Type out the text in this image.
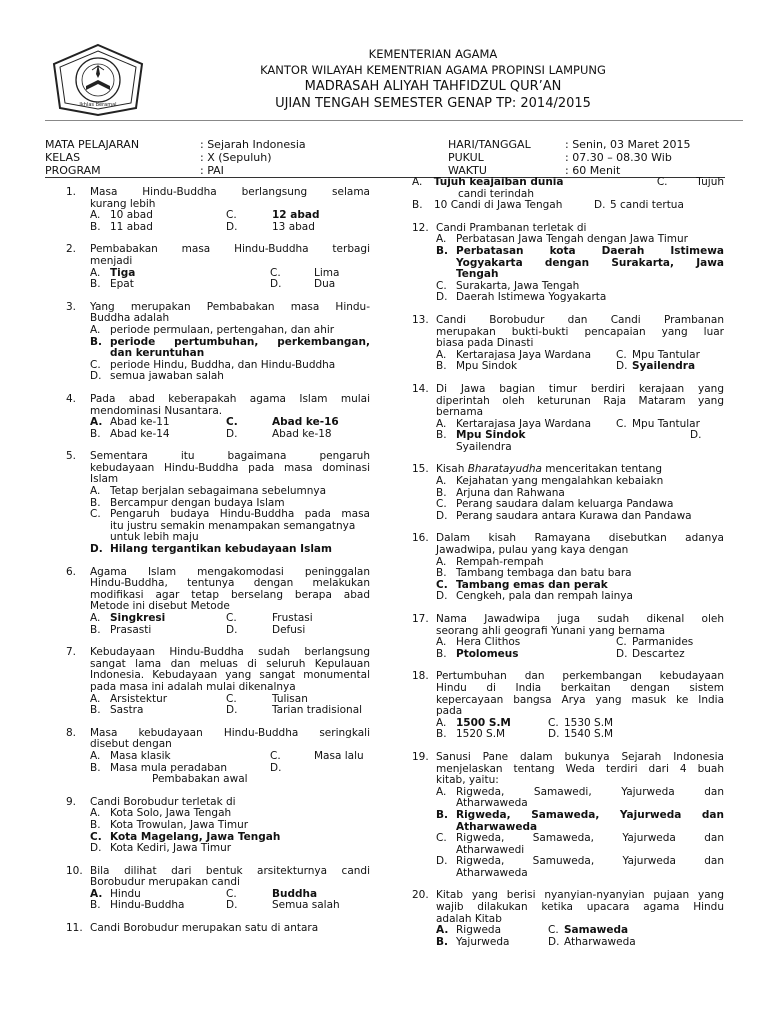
Ikhlas Beramal
KEMENTERIAN AGAMA
KANTOR WILAYAH KEMENTRIAN AGAMA PROPINSI LAMPUNG
MADRASAH ALIYAH TAHFIDZUL QUR’AN
UJIAN TENGAH SEMESTER GENAP TP: 2014/2015
MATA PELAJARAN	: Sejarah Indonesia
KELAS	: X (Sepuluh)
PROGRAM	: PAI
HARI/TANGGAL	: Senin, 03 Maret 2015
PUKUL	: 07.30 – 08.30 Wib
WAKTU	: 60 Menit
1. Masa Hindu-Buddha berlangsung selama
kurang lebih
A. 10 abad	C.	12 abad
B. 11 abad	D.	13 abad
2. Pembabakan masa Hindu-Buddha terbagi
menjadi
A. Tiga	C.	Lima
B. Epat	D.	Dua
3. Yang merupakan Pembabakan masa Hindu-
Buddha adalah
A. periode permulaan, pertengahan, dan ahir
B. periode pertumbuhan, perkembangan,
dan keruntuhan
C. periode Hindu, Buddha, dan Hindu-Buddha
D. semua jawaban salah
4. Pada abad keberapakah agama Islam mulai
mendominasi Nusantara.
A. Abad ke-11	C.	Abad ke-16
B. Abad ke-14	D.	Abad ke-18
5. Sementara itu bagaimana pengaruh
kebudayaan Hindu-Buddha pada masa dominasi
Islam
A. Tetap berjalan sebagaimana sebelumnya
B. Bercampur dengan budaya Islam
C. Pengaruh budaya Hindu-Buddha pada masa
itu justru semakin menampakan semangatnya
untuk lebih maju
D. Hilang tergantikan kebudayaan Islam
6. Agama Islam mengakomodasi peninggalan
Hindu-Buddha, tentunya dengan melakukan
modifikasi agar tetap berselang berapa abad
Metode ini disebut Metode
A. Singkresi	C.	Frustasi
B. Prasasti	D.	Defusi
7. Kebudayaan Hindu-Buddha sudah berlangsung
sangat lama dan meluas di seluruh Kepulauan
Indonesia. Kebudayaan yang sangat monumental
pada masa ini adalah mulai dikenalnya
A. Arsistektur	C.	Tulisan
B. Sastra	D.	Tarian tradisional
8. Masa kebudayaan Hindu-Buddha seringkali
disebut dengan
A. Masa klasik	C.	Masa lalu
B. Masa mula peradaban	D.
Pembabakan awal
9. Candi Borobudur terletak di
A. Kota Solo, Jawa Tengah
B. Kota Trowulan, Jawa Timur
C. Kota Magelang, Jawa Tengah
D. Kota Kediri, Jawa Timur
10. Bila dilihat dari bentuk arsitekturnya candi
Borobudur merupakan candi
A. Hindu	C.	Buddha
B. Hindu-Buddha	D.	Semua salah
11. Candi Borobudur merupakan satu di antara
A.	Tujuh keajaiban dunia	C.	Tujuh
candi terindah
B.	10 Candi di Jawa Tengah	D. 5 candi tertua
12. Candi Prambanan terletak di
A. Perbatasan Jawa Tengah dengan Jawa Timur
B. Perbatasan kota Daerah Istimewa
Yogyakarta dengan Surakarta, Jawa
Tengah
C. Surakarta, Jawa Tengah
D. Daerah Istimewa Yogyakarta
13. Candi Borobudur dan Candi Prambanan
merupakan bukti-bukti pencapaian yang luar
biasa pada Dinasti
A. Kertarajasa Jaya Wardana	C. Mpu Tantular
B. Mpu Sindok	D. Syailendra
14. Di Jawa bagian timur berdiri kerajaan yang
diperintah oleh keturunan Raja Mataram yang
bernama
A. Kertarajasa Jaya Wardana	C. Mpu Tantular
B. Mpu Sindok	D.
Syailendra
15. Kisah Bharatayudha menceritakan tentang
A. Kejahatan yang mengalahkan kebaiakn
B. Arjuna dan Rahwana
C. Perang saudara dalam keluarga Pandawa
D. Perang saudara antara Kurawa dan Pandawa
16. Dalam kisah Ramayana disebutkan adanya
Jawadwipa, pulau yang kaya dengan
A. Rempah-rempah
B. Tambang tembaga dan batu bara
C. Tambang emas dan perak
D. Cengkeh, pala dan rempah lainya
17. Nama Jawadwipa juga sudah dikenal oleh
seorang ahli geografi Yunani yang bernama
A. Hera Clithos	C. Parmanides
B. Ptolomeus	D. Descartez
18. Pertumbuhan dan perkembangan kebudayaan
Hindu di India berkaitan dengan sistem
kepercayaan bangsa Arya yang masuk ke India
pada
A. 1500 S.M	C. 1530 S.M
B. 1520 S.M	D. 1540 S.M
19. Sanusi Pane dalam bukunya Sejarah Indonesia
menjelaskan tentang Weda terdiri dari 4 buah
kitab, yaitu:
A. Rigweda, Samawedi, Yajurweda dan
Atharwaweda
B. Rigweda, Samaweda, Yajurweda dan
Atharwaweda
C. Rigweda, Samaweda, Yajurweda dan
Atharwawedi
D. Rigweda, Samuweda, Yajurweda dan
Atharwaweda
20. Kitab yang berisi nyanyian-nyanyian pujaan yang
wajib dilakukan ketika upacara agama Hindu
adalah Kitab
A. Rigweda	C. Samaweda
B. Yajurweda	D. Atharwaweda
